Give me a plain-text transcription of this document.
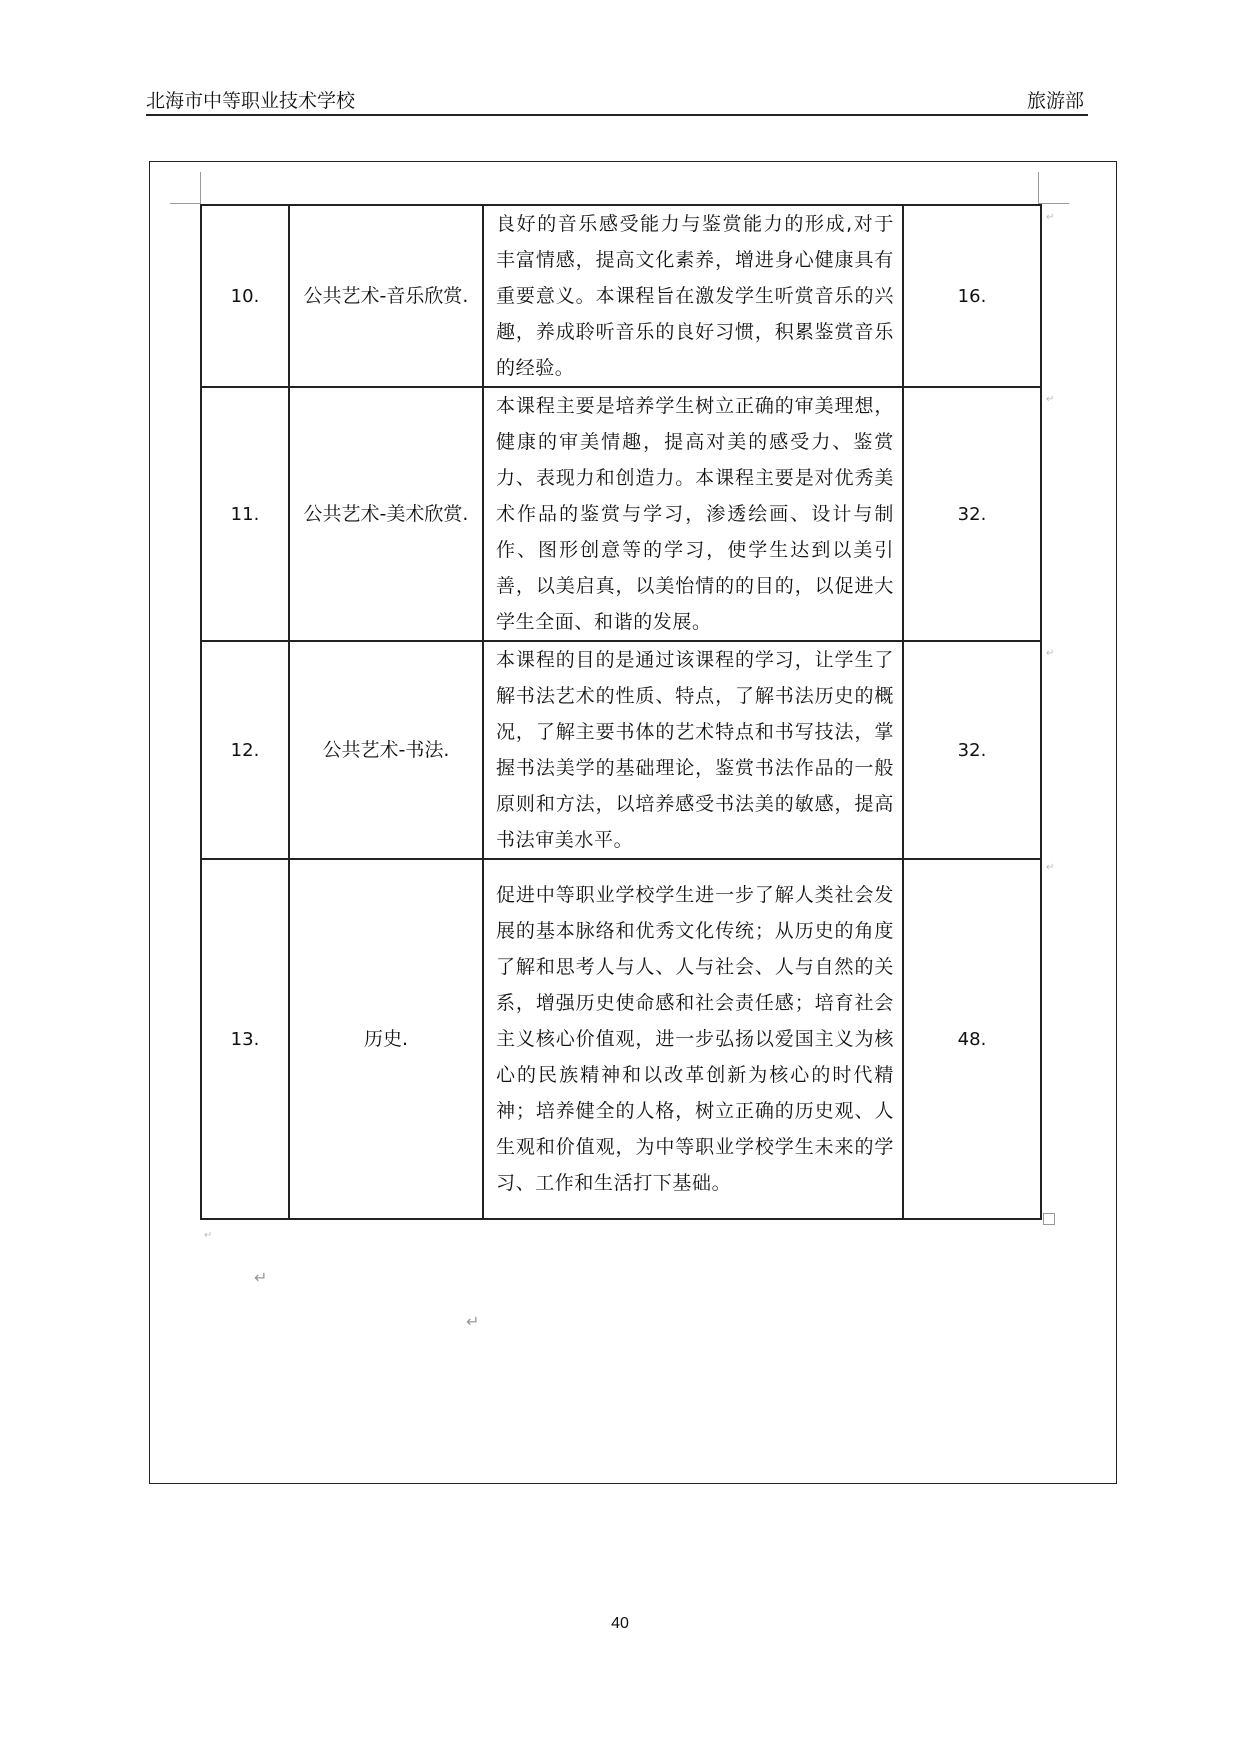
北海市中等职业技术学校	旅游部
10.	公共艺术-音乐欣赏.	良好的音乐感受能力与鉴赏能力的形成,对于丰富情感，提高文化素养，增进身心健康具有重要意义。本课程旨在激发学生听赏音乐的兴趣，养成聆听音乐的良好习惯，积累鉴赏音乐的经验。	16.
11.	公共艺术-美术欣赏.	本课程主要是培养学生树立正确的审美理想，健康的审美情趣，提高对美的感受力、鉴赏力、表现力和创造力。本课程主要是对优秀美术作品的鉴赏与学习，渗透绘画、设计与制作、图形创意等的学习，使学生达到以美引善，以美启真，以美怡情的的目的，以促进大学生全面、和谐的发展。	32.
12.	公共艺术-书法.	本课程的目的是通过该课程的学习，让学生了解书法艺术的性质、特点，了解书法历史的概况，了解主要书体的艺术特点和书写技法，掌握书法美学的基础理论，鉴赏书法作品的一般原则和方法，以培养感受书法美的敏感，提高书法审美水平。	32.
13.	历史.	促进中等职业学校学生进一步了解人类社会发展的基本脉络和优秀文化传统；从历史的角度了解和思考人与人、人与社会、人与自然的关系，增强历史使命感和社会责任感；培育社会主义核心价值观，进一步弘扬以爱国主义为核心的民族精神和以改革创新为核心的时代精神；培养健全的人格，树立正确的历史观、人生观和价值观，为中等职业学校学生未来的学习、工作和生活打下基础。	48.
↵
↵
↵
↵
↵
↵
↵
40
